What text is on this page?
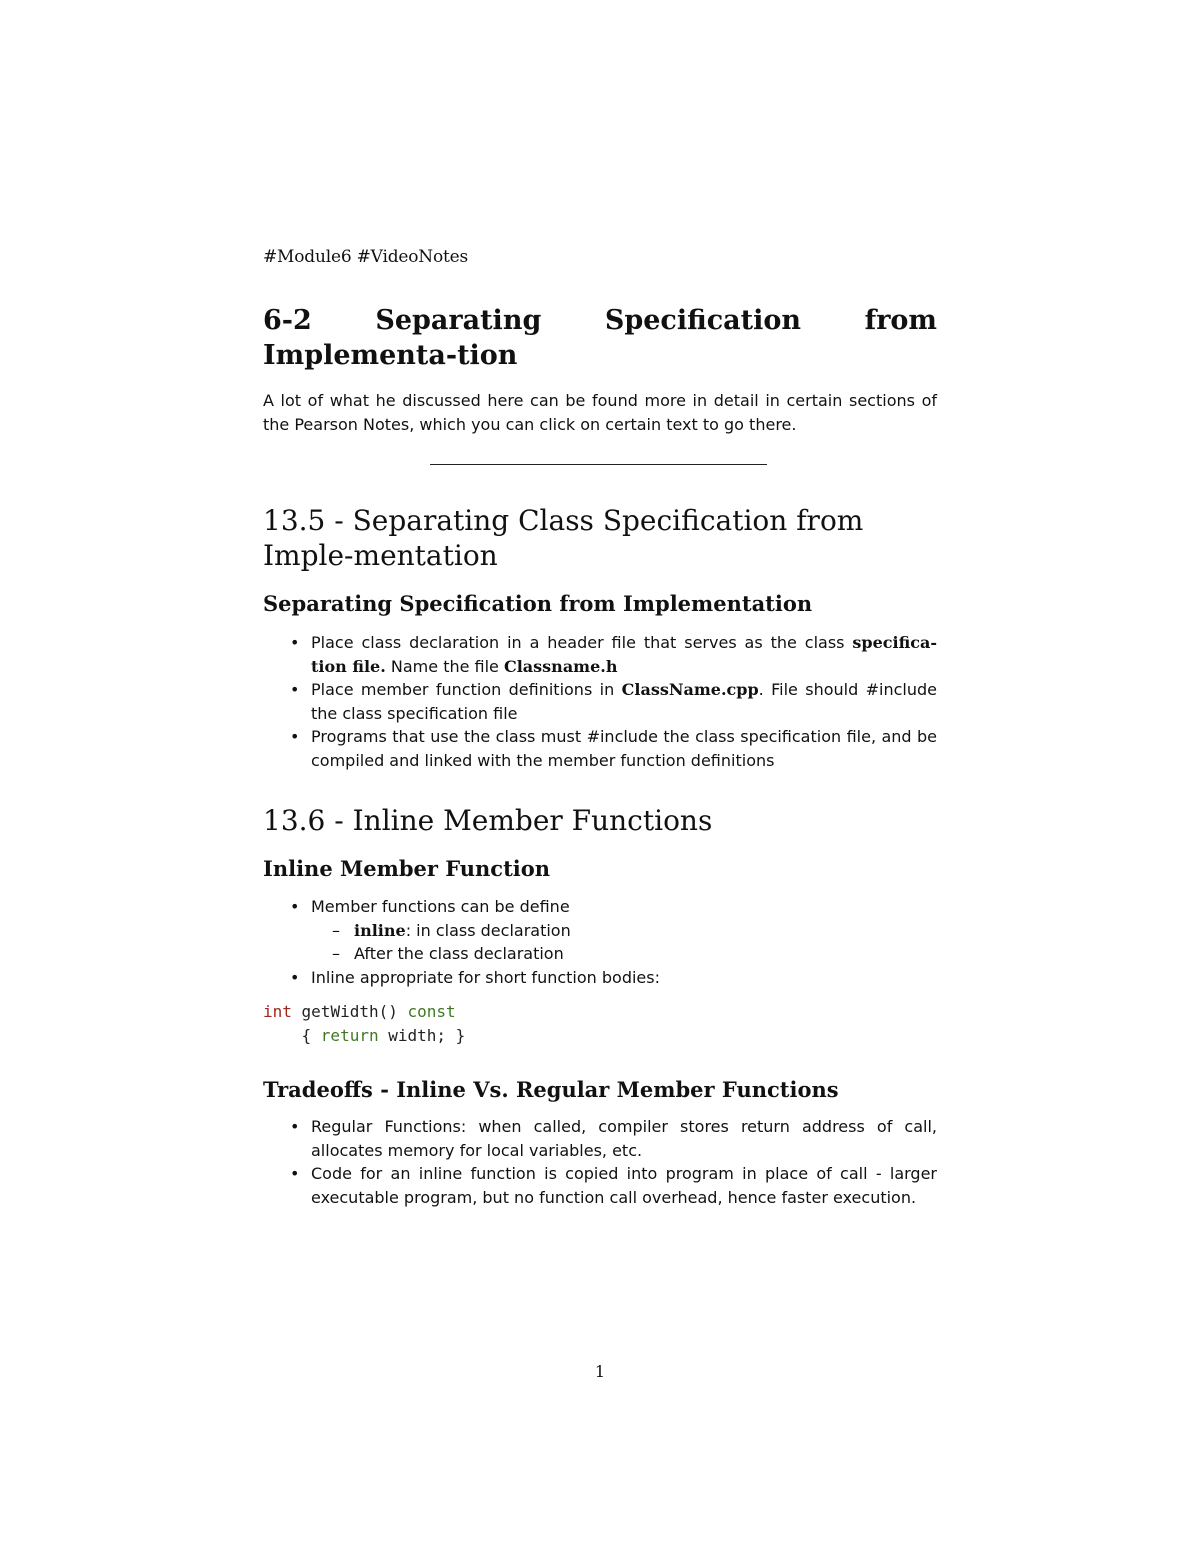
#Module6 #VideoNotes
6-2 Separating Specification from Implementa-tion

A lot of what he discussed here can be found more in detail in certain sections of the Pearson Notes, which you can click on certain text to go there.

13.5 - Separating Class Specification from Imple-mentation
Separating Specification from Implementation
• Place class declaration in a header file that serves as the class specifica-tion file. Name the file Classname.h
• Place member function definitions in ClassName.cpp. File should #include the class specification file
• Programs that use the class must #include the class specification file, and be compiled and linked with the member function definitions
13.6 - Inline Member Functions
Inline Member Function
• Member functions can be define
– inline: in class declaration
– After the class declaration
• Inline appropriate for short function bodies:
int getWidth() const
{ return width; }
Tradeoffs - Inline Vs. Regular Member Functions
• Regular Functions: when called, compiler stores return address of call, allocates memory for local variables, etc.
• Code for an inline function is copied into program in place of call - larger executable program, but no function call overhead, hence faster execution.
1
